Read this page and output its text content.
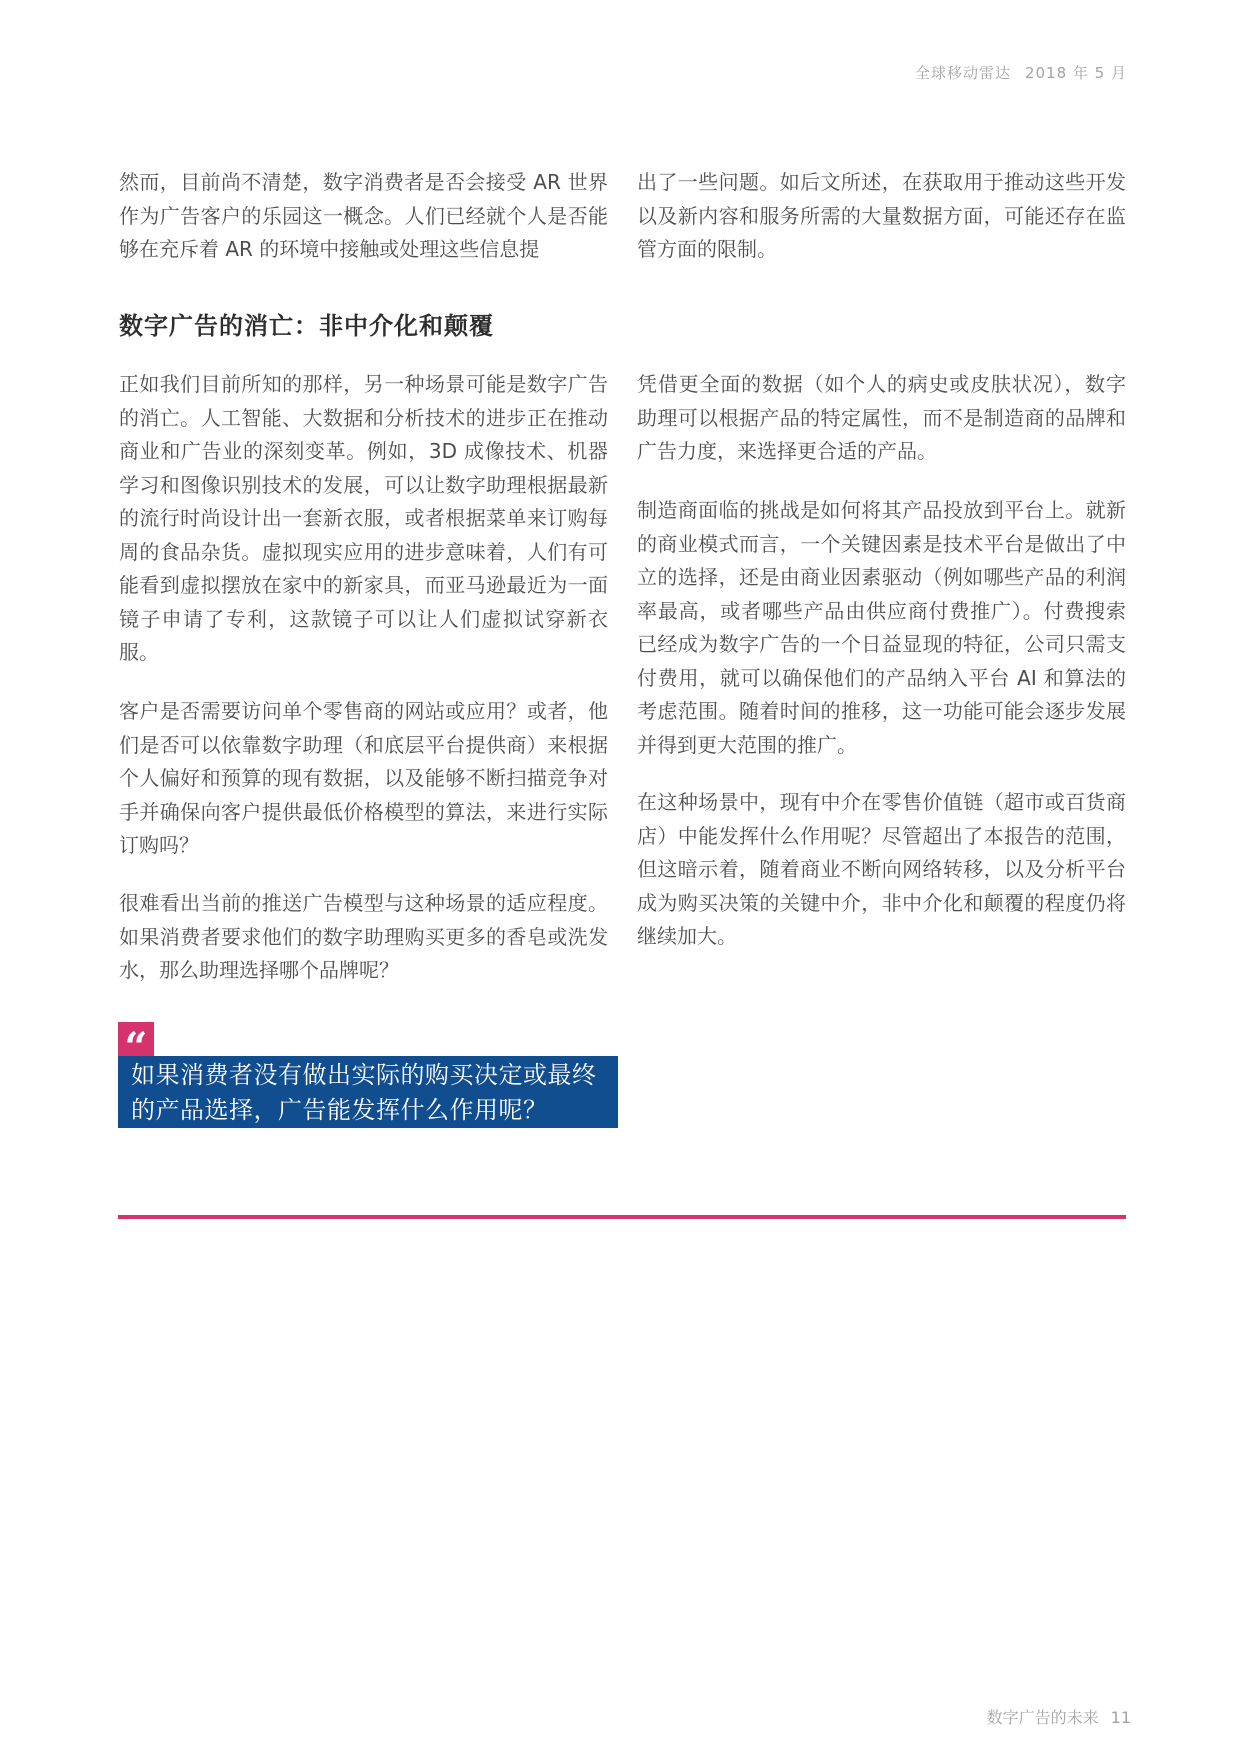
全球移动雷达 2018 年 5 月

然而，目前尚不清楚，数字消费者是否会接受 AR 世界作为广告客户的乐园这一概念。人们已经就个人是否能够在充斥着 AR 的环境中接触或处理这些信息提

出了一些问题。如后文所述，在获取用于推动这些开发以及新内容和服务所需的大量数据方面，可能还存在监管方面的限制。

数字广告的消亡：非中介化和颠覆

正如我们目前所知的那样，另一种场景可能是数字广告的消亡。人工智能、大数据和分析技术的进步正在推动商业和广告业的深刻变革。例如，3D 成像技术、机器学习和图像识别技术的发展，可以让数字助理根据最新的流行时尚设计出一套新衣服，或者根据菜单来订购每周的食品杂货。虚拟现实应用的进步意味着，人们有可能看到虚拟摆放在家中的新家具，而亚马逊最近为一面镜子申请了专利，这款镜子可以让人们虚拟试穿新衣服。

客户是否需要访问单个零售商的网站或应用？或者，他们是否可以依靠数字助理（和底层平台提供商）来根据个人偏好和预算的现有数据，以及能够不断扫描竞争对手并确保向客户提供最低价格模型的算法，来进行实际订购吗？

很难看出当前的推送广告模型与这种场景的适应程度。如果消费者要求他们的数字助理购买更多的香皂或洗发水，那么助理选择哪个品牌呢？

凭借更全面的数据（如个人的病史或皮肤状况），数字助理可以根据产品的特定属性，而不是制造商的品牌和广告力度，来选择更合适的产品。

制造商面临的挑战是如何将其产品投放到平台上。就新的商业模式而言，一个关键因素是技术平台是做出了中立的选择，还是由商业因素驱动（例如哪些产品的利润率最高，或者哪些产品由供应商付费推广）。付费搜索已经成为数字广告的一个日益显现的特征，公司只需支付费用，就可以确保他们的产品纳入平台 AI 和算法的考虑范围。随着时间的推移，这一功能可能会逐步发展并得到更大范围的推广。

在这种场景中，现有中介在零售价值链（超市或百货商店）中能发挥什么作用呢？尽管超出了本报告的范围，但这暗示着，随着商业不断向网络转移，以及分析平台成为购买决策的关键中介，非中介化和颠覆的程度仍将继续加大。

“

如果消费者没有做出实际的购买决定或最终

的产品选择，广告能发挥什么作用呢？

数字广告的未来 11
